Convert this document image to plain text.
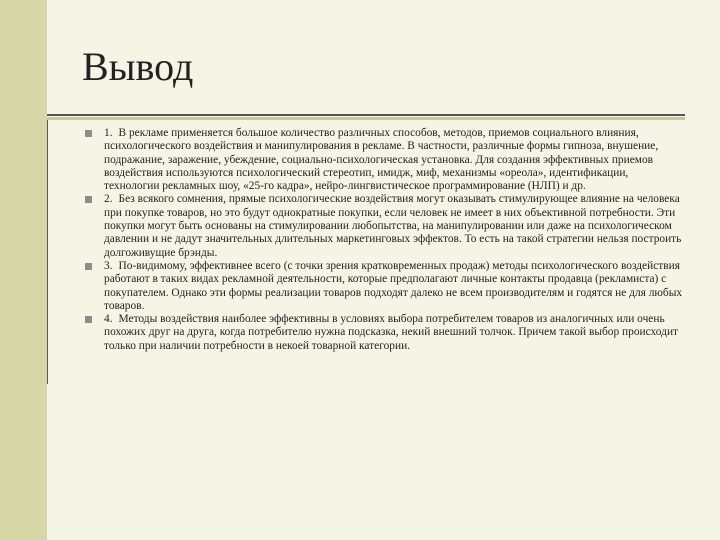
Вывод
1. В рекламе применяется большое количество различных способов, методов, приемов социального влияния, психологического воздействия и манипулирования в рекламе. В частности, различные формы гипноза, внушение, подражание, заражение, убеждение, социально-психологическая установка. Для создания эффективных приемов воздействия используются психологический стереотип, имидж, миф, механизмы «ореола», идентификации, технологии рекламных шоу, «25-го кадра», нейро-лингвистическое программирование (НЛП) и др.
2. Без всякого сомнения, прямые психологические воздействия могут оказывать стимулирующее влияние на человека при покупке товаров, но это будут однократные покупки, если человек не имеет в них объективной потребности. Эти покупки могут быть основаны на стимулировании любопытства, на манипулировании или даже на психологическом давлении и не дадут значительных длительных маркетинговых эффектов. То есть на такой стратегии нельзя построить долгоживущие брэнды.
3. По-видимому, эффективнее всего (с точки зрения кратковременных продаж) методы психологического воздействия работают в таких видах рекламной деятельности, которые предполагают личные контакты продавца (рекламиста) с покупателем. Однако эти формы реализации товаров подходят далеко не всем производителям и годятся не для любых товаров.
4. Методы воздействия наиболее эффективны в условиях выбора потребителем товаров из аналогичных или очень похожих друг на друга, когда потребителю нужна подсказка, некий внешний толчок. Причем такой выбор происходит только при наличии потребности в некоей товарной категории.
